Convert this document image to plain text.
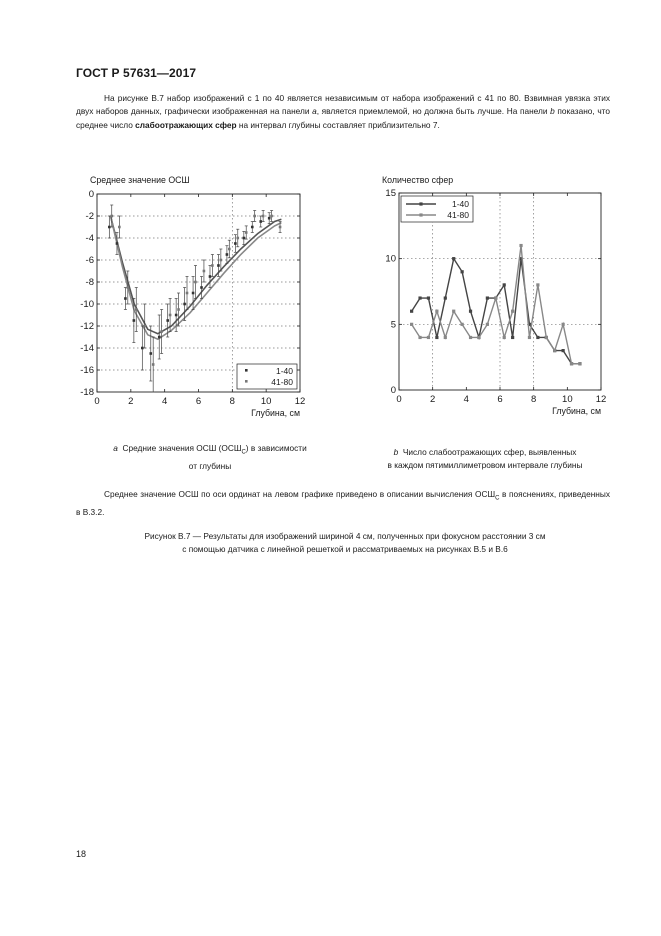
ГОСТ Р 57631—2017
На рисунке В.7 набор изображений с 1 по 40 является независимым от набора изображений с 41 по 80. Взвимная увязка этих двух наборов данных, графически изображенная на панели a, является приемлемой, но должна быть лучше. На панели b показано, что среднее число слабоотражающих сфер на интервал глубины составляет приблизительно 7.
Среднее значение ОСШ	Количество сфер
0	2	4	6	8	10 12
0
-2
-4
-6
-8
-10
-12
-14
-16
-18
Глубина, см
1-40
41-80
0	2	4	6	8	10 12
15
10
5
0
Глубина, см
1-40
41-80
a Средние значения ОСШ $(ОСШ_C)$ в зависимости
от глубины
b Число слабоотражающих сфер, выявленных
в каждом пятимиллиметровом интервале глубины
Среднее значение ОСШ по оси ординат на левом графике приведено в описании вычисления $ОСШ_C$ в пояснениях, приведенных в В.3.2.
Рисунок В.7 — Результаты для изображений шириной 4 см, полученных при фокусном расстоянии 3 см
с помощью датчика с линейной решеткой и рассматриваемых на рисунках В.5 и В.6
18
